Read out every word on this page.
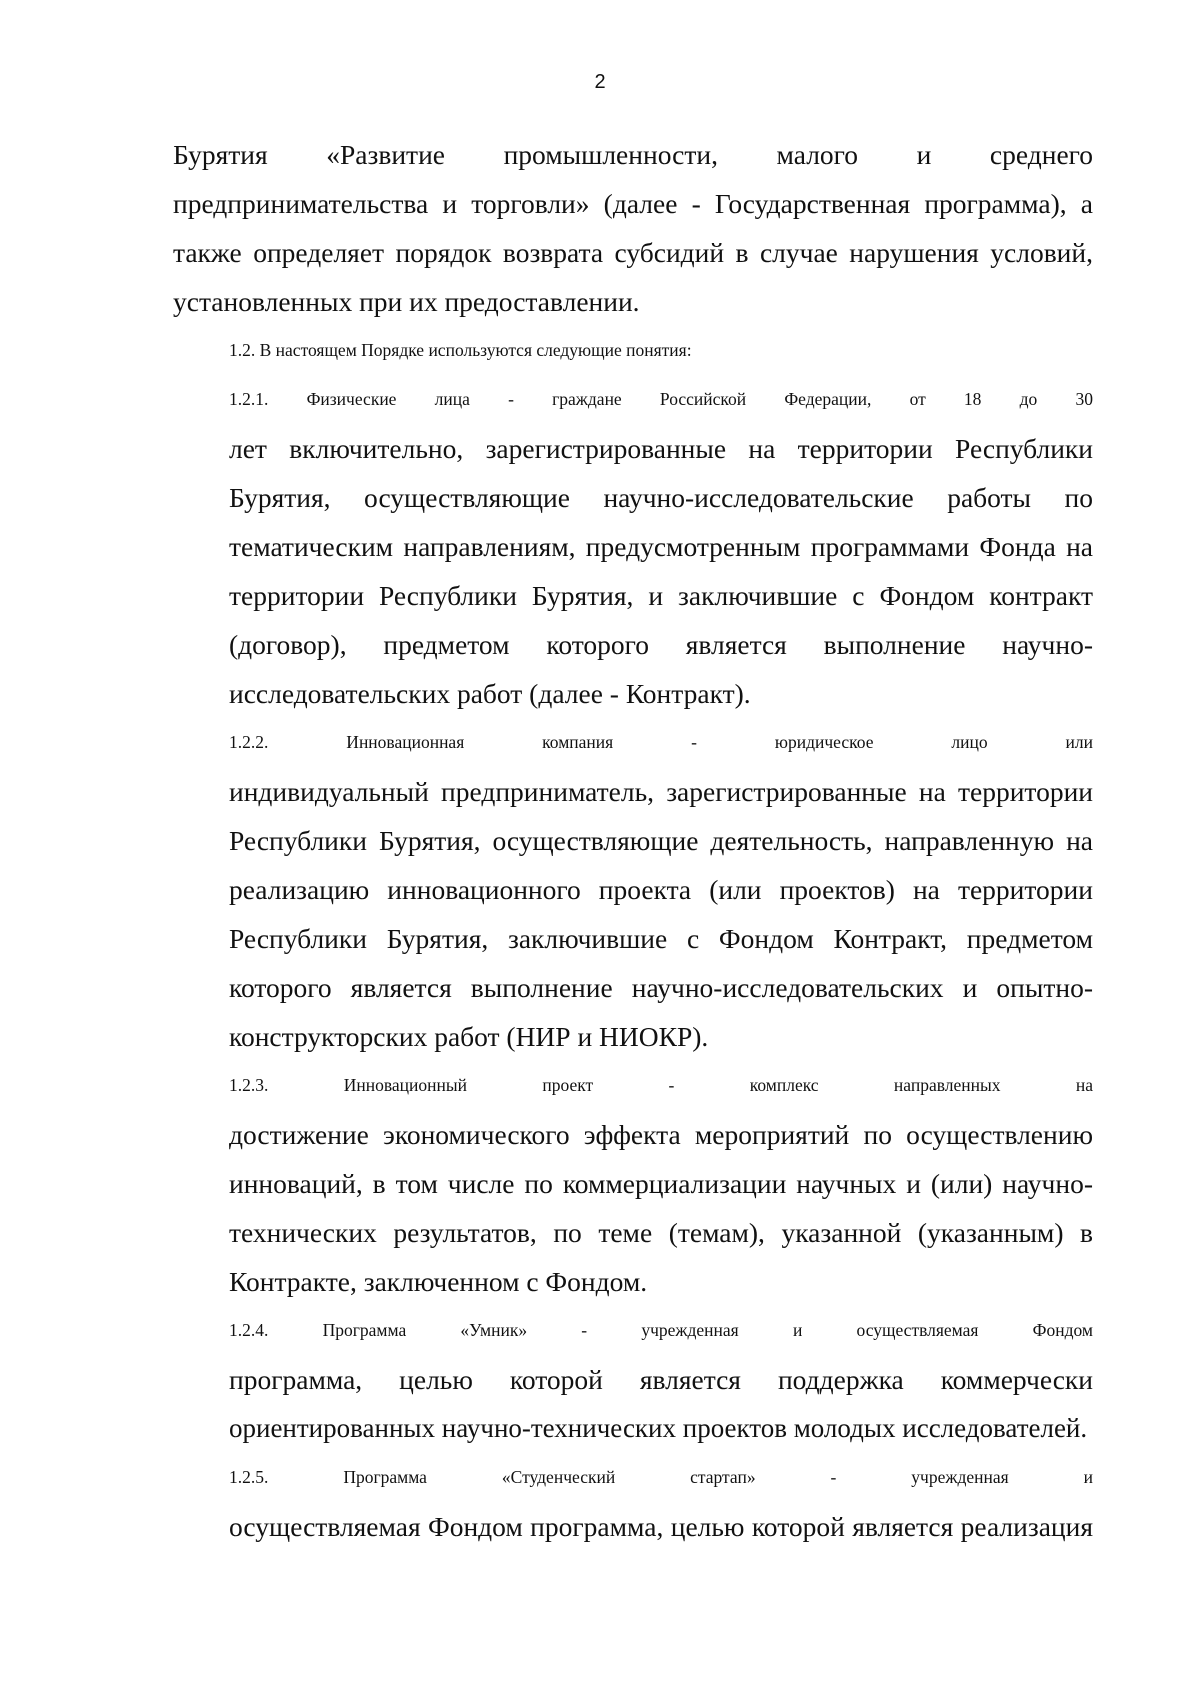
2

Бурятия «Развитие промышленности, малого и среднего
предпринимательства и торговли» (далее - Государственная программа), а
также определяет порядок возврата субсидий в случае нарушения условий,
установленных при их предоставлении.

1.2. В настоящем Порядке используются следующие понятия:

1.2.1. Физические лица - граждане Российской Федерации, от 18 до 30
лет включительно, зарегистрированные на территории Республики
Бурятия, осуществляющие научно-исследовательские работы по
тематическим направлениям, предусмотренным программами Фонда на
территории Республики Бурятия, и заключившие с Фондом контракт
(договор), предметом которого является выполнение научно-
исследовательских работ (далее - Контракт).

1.2.2. Инновационная компания - юридическое лицо или
индивидуальный предприниматель, зарегистрированные на территории
Республики Бурятия, осуществляющие деятельность, направленную на
реализацию инновационного проекта (или проектов) на территории
Республики Бурятия, заключившие с Фондом Контракт, предметом
которого является выполнение научно-исследовательских и опытно-
конструкторских работ (НИР и НИОКР).

1.2.3. Инновационный проект - комплекс направленных на
достижение экономического эффекта мероприятий по осуществлению
инноваций, в том числе по коммерциализации научных и (или) научно-
технических результатов, по теме (темам), указанной (указанным) в
Контракте, заключенном с Фондом.

1.2.4. Программа «Умник» - учрежденная и осуществляемая Фондом
программа, целью которой является поддержка коммерчески
ориентированных научно-технических проектов молодых исследователей.

1.2.5. Программа «Студенческий стартап» - учрежденная и
осуществляемая Фондом программа, целью которой является реализация
